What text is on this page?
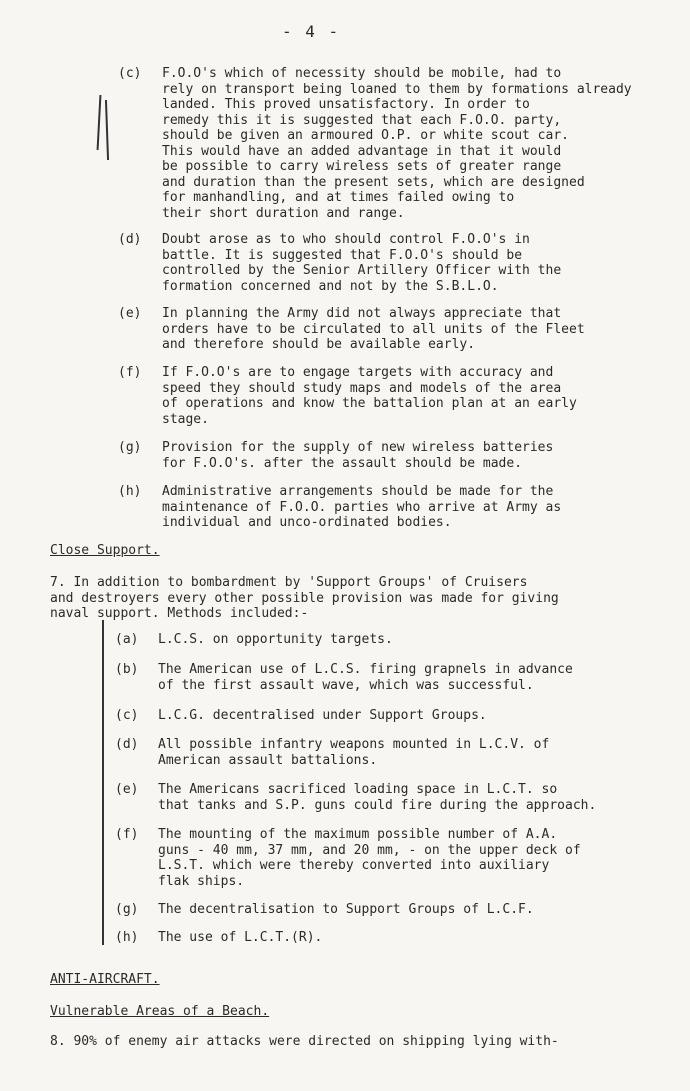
- 4 -
(c)	F.O.O's which of necessity should be mobile, had to
rely on transport being loaned to them by formations already
landed. This proved unsatisfactory. In order to
remedy this it is suggested that each F.O.O. party,
should be given an armoured O.P. or white scout car.
This would have an added advantage in that it would
be possible to carry wireless sets of greater range
and duration than the present sets, which are designed
for manhandling, and at times failed owing to
their short duration and range.
(d)	Doubt arose as to who should control F.O.O's in
battle. It is suggested that F.O.O's should be
controlled by the Senior Artillery Officer with the
formation concerned and not by the S.B.L.O.
(e)	In planning the Army did not always appreciate that
orders have to be circulated to all units of the Fleet
and therefore should be available early.
(f)	If F.O.O's are to engage targets with accuracy and
speed they should study maps and models of the area
of operations and know the battalion plan at an early
stage.
(g)	Provision for the supply of new wireless batteries
for F.O.O's. after the assault should be made.
(h)	Administrative arrangements should be made for the
maintenance of F.O.O. parties who arrive at Army as
individual and unco-ordinated bodies.
Close Support.
7. In addition to bombardment by 'Support Groups' of Cruisers
and destroyers every other possible provision was made for giving
naval support. Methods included:-
(a)	L.C.S. on opportunity targets.
(b)	The American use of L.C.S. firing grapnels in advance
of the first assault wave, which was successful.
(c)	L.C.G. decentralised under Support Groups.
(d)	All possible infantry weapons mounted in L.C.V. of
American assault battalions.
(e)	The Americans sacrificed loading space in L.C.T. so
that tanks and S.P. guns could fire during the approach.
(f)	The mounting of the maximum possible number of A.A.
guns - 40 mm, 37 mm, and 20 mm, - on the upper deck of
L.S.T. which were thereby converted into auxiliary
flak ships.
(g)	The decentralisation to Support Groups of L.C.F.
(h)	The use of L.C.T.(R).
ANTI-AIRCRAFT.
Vulnerable Areas of a Beach.
8. 90% of enemy air attacks were directed on shipping lying with-
